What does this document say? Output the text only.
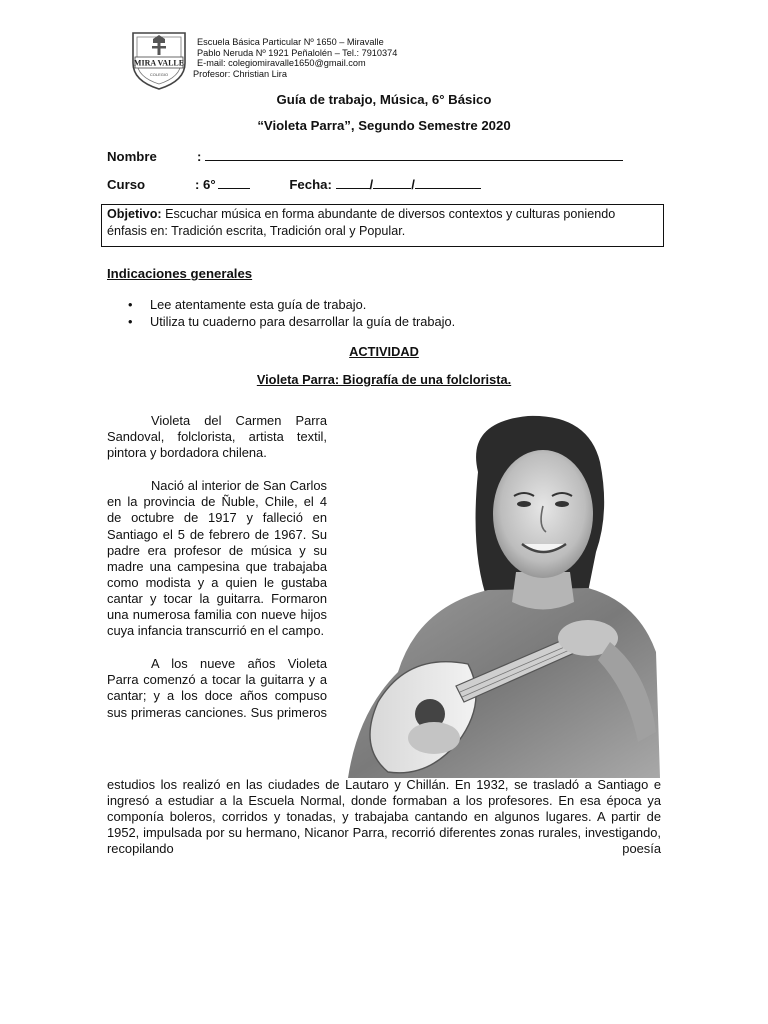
MIRA VALLE
COLEGIO
Escuela Básica Particular Nº 1650 – Miravalle
Pablo Neruda Nº 1921 Peñalolén – Tel.: 7910374
E-mail: colegiomiravalle1650@gmail.com
Profesor: Christian Lira
Guía de trabajo, Música, 6° Básico
“Violeta Parra”, Segundo Semestre 2020
Nombre	:
Curso	: 6°	Fecha:	/	/
Objetivo: Escuchar música en forma abundante de diversos contextos y culturas poniendo énfasis en: Tradición escrita, Tradición oral y Popular.
Indicaciones generales
• Lee atentamente esta guía de trabajo.
• Utiliza tu cuaderno para desarrollar la guía de trabajo.
ACTIVIDAD
Violeta Parra: Biografía de una folclorista.

Violeta del Carmen Parra Sandoval, folclorista, artista textil, pintora y bordadora chilena.

Nació al interior de San Carlos en la provincia de Ñuble, Chile, el 4 de octubre de 1917 y falleció en Santiago el 5 de febrero de 1967. Su padre era profesor de música y su madre una campesina que trabajaba como modista y a quien le gustaba cantar y tocar la guitarra. Formaron una numerosa familia con nueve hijos cuya infancia transcurrió en el campo.

A los nueve años Violeta Parra comenzó a tocar la guitarra y a cantar; y a los doce años compuso sus primeras canciones. Sus primeros

estudios los realizó en las ciudades de Lautaro y Chillán. En 1932, se trasladó a Santiago e ingresó a estudiar a la Escuela Normal, donde formaban a los profesores. En esa época ya componía boleros, corridos y tonadas, y trabajaba cantando en algunos lugares. A partir de 1952, impulsada por su hermano, Nicanor Parra, recorrió diferentes zonas rurales, investigando, recopilando poesía
